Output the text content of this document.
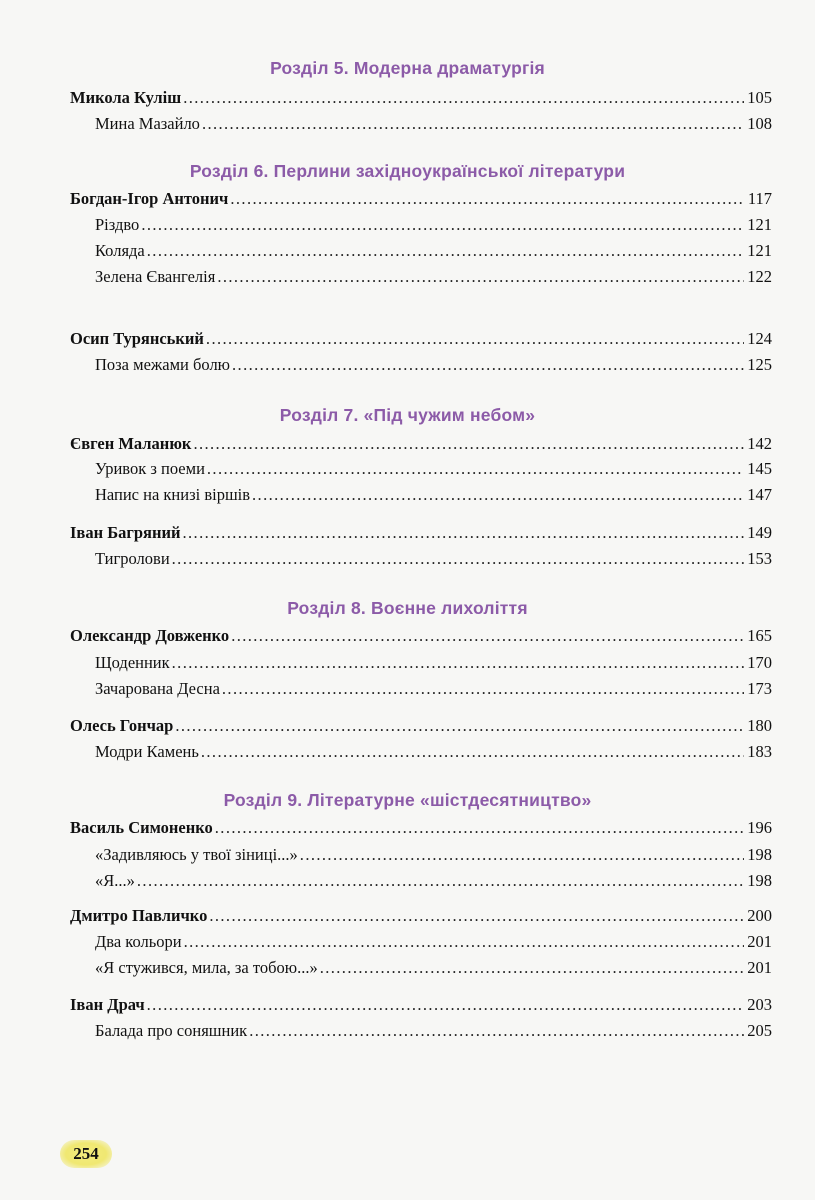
Розділ 5. Модерна драматургія
Микола Куліш .....	105
Мина Мазайло .....	108
Розділ 6. Перлини західноукраїнської літератури
Богдан-Ігор Антонич .....	117
Різдво .....	121
Коляда .....	121
Зелена Євангелія .....	122
Осип Турянський .....	124
Поза межами болю .....	125
Розділ 7. «Під чужим небом»
Євген Маланюк .....	142
Уривок з поеми .....	145
Напис на книзі віршів .....	147
Іван Багряний .....	149
Тигролови .....	153
Розділ 8. Воєнне лихоліття
Олександр Довженко .....	165
Щоденник .....	170
Зачарована Десна .....	173
Олесь Гончар .....	180
Модри Камень .....	183
Розділ 9. Літературне «шістдесятництво»
Василь Симоненко .....	196
«Задивляюсь у твої зіниці...» .....	198
«Я...» .....	198
Дмитро Павличко .....	200
Два кольори .....	201
«Я стужився, мила, за тобою...» .....	201
Іван Драч .....	203
Балада про соняшник .....	205
254
